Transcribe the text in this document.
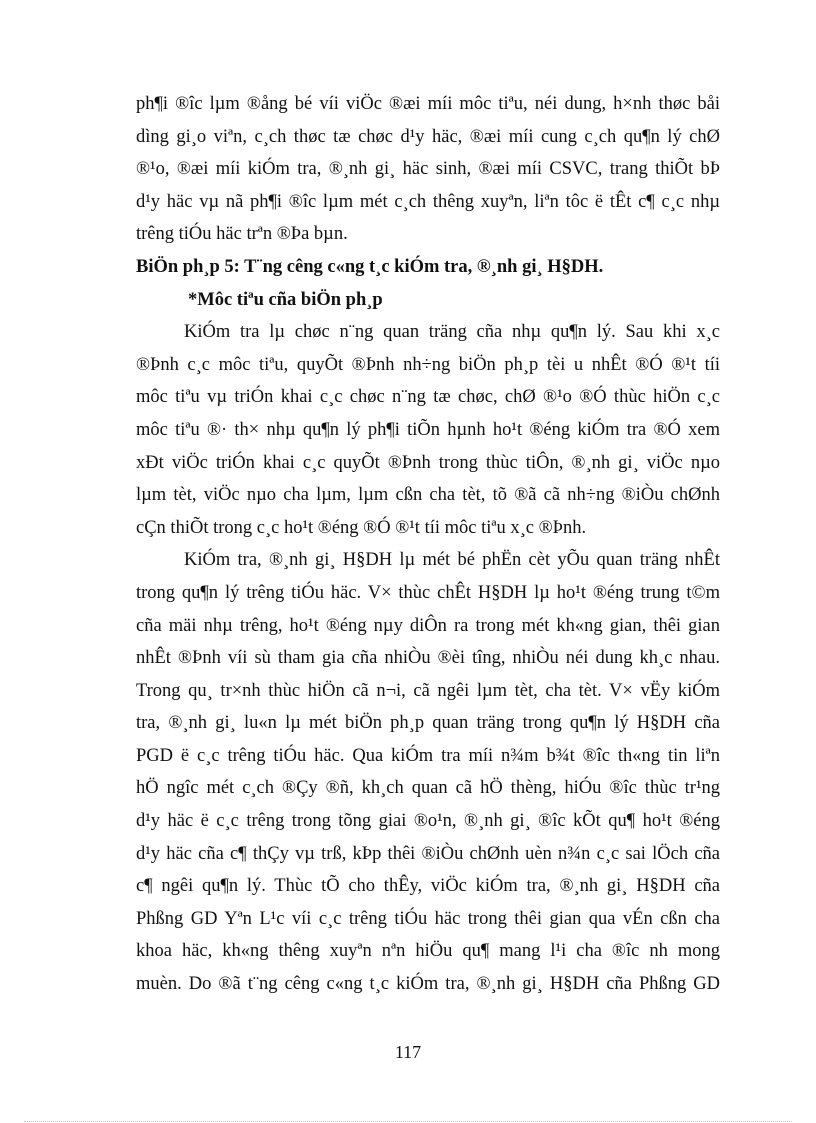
ph¶i ®îc lµm ®ång bé víi viÖc ®æi míi môc tiªu, néi dung, h×nh thøc båi
dìng gi¸o viªn, c¸ch thøc tæ chøc d¹y häc, ®æi míi cung c¸ch qu¶n lý chØ
®¹o, ®æi míi kiÓm tra, ®¸nh gi¸ häc sinh, ®æi míi CSVC, trang thiÕt bÞ
d¹y häc vµ nã ph¶i ®îc lµm mét c¸ch thêng xuyªn, liªn tôc ë tÊt c¶ c¸c nhµ
trêng tiÓu häc trªn ®Þa bµn.
BiÖn ph¸p 5: T¨ng cêng c«ng t¸c kiÓm tra, ®¸nh gi¸ H§DH.
*Môc tiªu cña biÖn ph¸p
KiÓm tra lµ chøc n¨ng quan träng cña nhµ qu¶n lý. Sau khi x¸c
®Þnh c¸c môc tiªu, quyÕt ®Þnh nh÷ng biÖn ph¸p tèi u nhÊt ®Ó ®¹t tíi
môc tiªu vµ triÓn khai c¸c chøc n¨ng tæ chøc, chØ ®¹o ®Ó thùc hiÖn c¸c
môc tiªu ®· th× nhµ qu¶n lý ph¶i tiÕn hµnh ho¹t ®éng kiÓm tra ®Ó xem
xÐt viÖc triÓn khai c¸c quyÕt ®Þnh trong thùc tiÔn, ®¸nh gi¸ viÖc nµo
lµm tèt, viÖc nµo cha lµm, lµm cßn cha tèt, tõ ®ã cã nh÷ng ®iÒu chØnh
cÇn thiÕt trong c¸c ho¹t ®éng ®Ó ®¹t tíi môc tiªu x¸c ®Þnh.
KiÓm tra, ®¸nh gi¸ H§DH lµ mét bé phËn cèt yÕu quan träng nhÊt
trong qu¶n lý trêng tiÓu häc. V× thùc chÊt H§DH lµ ho¹t ®éng trung t©m
cña mäi nhµ trêng, ho¹t ®éng nµy diÔn ra trong mét kh«ng gian, thêi gian
nhÊt ®Þnh víi sù tham gia cña nhiÒu ®èi tîng, nhiÒu néi dung kh¸c nhau.
Trong qu¸ tr×nh thùc hiÖn cã n¬i, cã ngêi lµm tèt, cha tèt. V× vËy kiÓm
tra, ®¸nh gi¸ lu«n lµ mét biÖn ph¸p quan träng trong qu¶n lý H§DH cña
PGD ë c¸c trêng tiÓu häc. Qua kiÓm tra míi n¾m b¾t ®îc th«ng tin liªn
hÖ ngîc mét c¸ch ®Çy ®ñ, kh¸ch quan cã hÖ thèng, hiÓu ®îc thùc tr¹ng
d¹y häc ë c¸c trêng trong tõng giai ®o¹n, ®¸nh gi¸ ®îc kÕt qu¶ ho¹t ®éng
d¹y häc cña c¶ thÇy vµ trß, kÞp thêi ®iÒu chØnh uèn n¾n c¸c sai lÖch cña
c¶ ngêi qu¶n lý. Thùc tÕ cho thÊy, viÖc kiÓm tra, ®¸nh gi¸ H§DH cña
Phßng GD Yªn L¹c víi c¸c trêng tiÓu häc trong thêi gian qua vÉn cßn cha
khoa häc, kh«ng thêng xuyªn nªn hiÖu qu¶ mang l¹i cha ®îc nh mong
muèn. Do ®ã t¨ng cêng c«ng t¸c kiÓm tra, ®¸nh gi¸ H§DH cña Phßng GD
117
